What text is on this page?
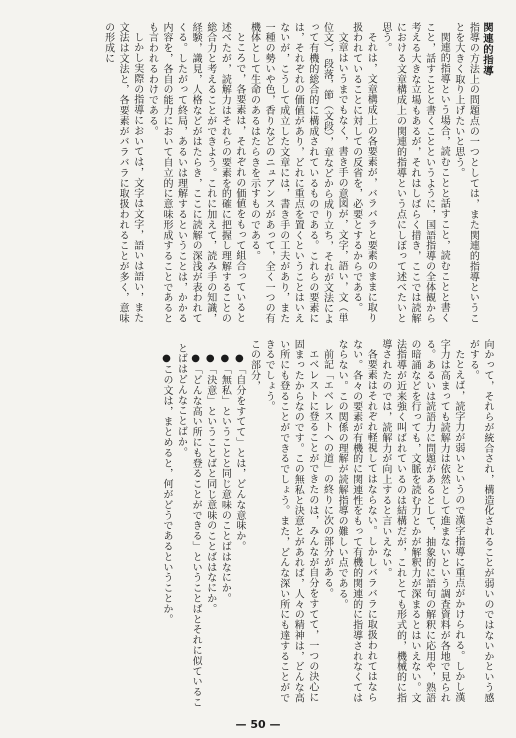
関連的指導

指導の方法上の問題点の一つとしては，また関連的指導ということを大きく取り上げたいと思う。

関連的指導という場合，読むことと話すこと，読むことと書くこと，話すことと書くことというように，国語指導の全体観から考える大きな立場もあるが，それはしばらく措き，ここでは読解における文章構成上の関連的指導という点にしぼって述べたいと思う。

それは，文章構成上の各要素が，バラバラと要素のままに取り扱われていることに対しての反省を，必要とするからである。

文章はいうまでもなく，書き手の意図が，文字，語い，文（単位文），段落，節（文段），章などから成り立ち，それが文法によって有機的総合的に構成されているものである。これらの要素には，それぞれの価値があり，どれに重点を置くということはいえないが，こうして成立した文章には，書き手の工夫があり，また一種の勢いや色，香りなどのニュアンスがあって，全く一つの有機体として生命のあるはたらきを示すものである。

ところで，各要素は，それぞれの価値をもって組合っていると述べたが，読解力はそれらの要素を的確に把握し理解することの総合力と考えることができよう。これに加えて，読み手の知識，経験，識見，人格などがはたらき，ここに読解の深浅が表われてくる。したがって終局，あるいは理解するということは，かかる内容を，各自の能力において自立的に意味形成することであるとも言われるわけである。

しかし実際の指導においては，文字は文字，語いは語い，また文法は文法と，各要素がバラバラに取扱われることが多く，意味の形成に

向かって，それらが統合され，構造化されることが弱いのではないかという感がする。

たとえば，読字力が弱いというので漢字指導に重点がかけられる。しかし漢字力は高まっても読解力は依然として進まないという調査資料が各地で見られる。あるいは読語力に問題があるとして，抽象的に語句の解釈に応用や，熟語の暗誦などを行っても，文脈を読む力とかが解釈力が深まるとはいえない。文法指導が近来強く叫ばれているのは結構だが，これとても形式的，機械的に指導されたのでは，読解力が向上すると言いえない。

各要素はそれぞれ軽視してはならない。しかしバラバラに取扱われてはならない。各々の要素が有機的に関連性をもって有機的関連的に指導されなくてはならない。この関係の理解が読解指導の難しい点である。

前記「エベレストへの道」の終りに次の部分がある。

エベレストに登ることができたのは，みんなが自分をすてて，一つの決心に固まったからなのです。この無私と決意とがあれば，人々の精神は，どんな高い所にも登ることができるでしょう。また，どんな深い所にも達することができるでしょう。

この部分，

●「自分をすてて」とは，どんな意味か。

●「無私」ということと同じ意味のことばはなにか。

●「決意」ということばと同じ意味のことばはなにか。

●「どんな高い所にも登ることができる」ということばとそれに似ていることばはどんなことばか。

●この文は，まとめると，何がどうであるということか。

— 50 —
